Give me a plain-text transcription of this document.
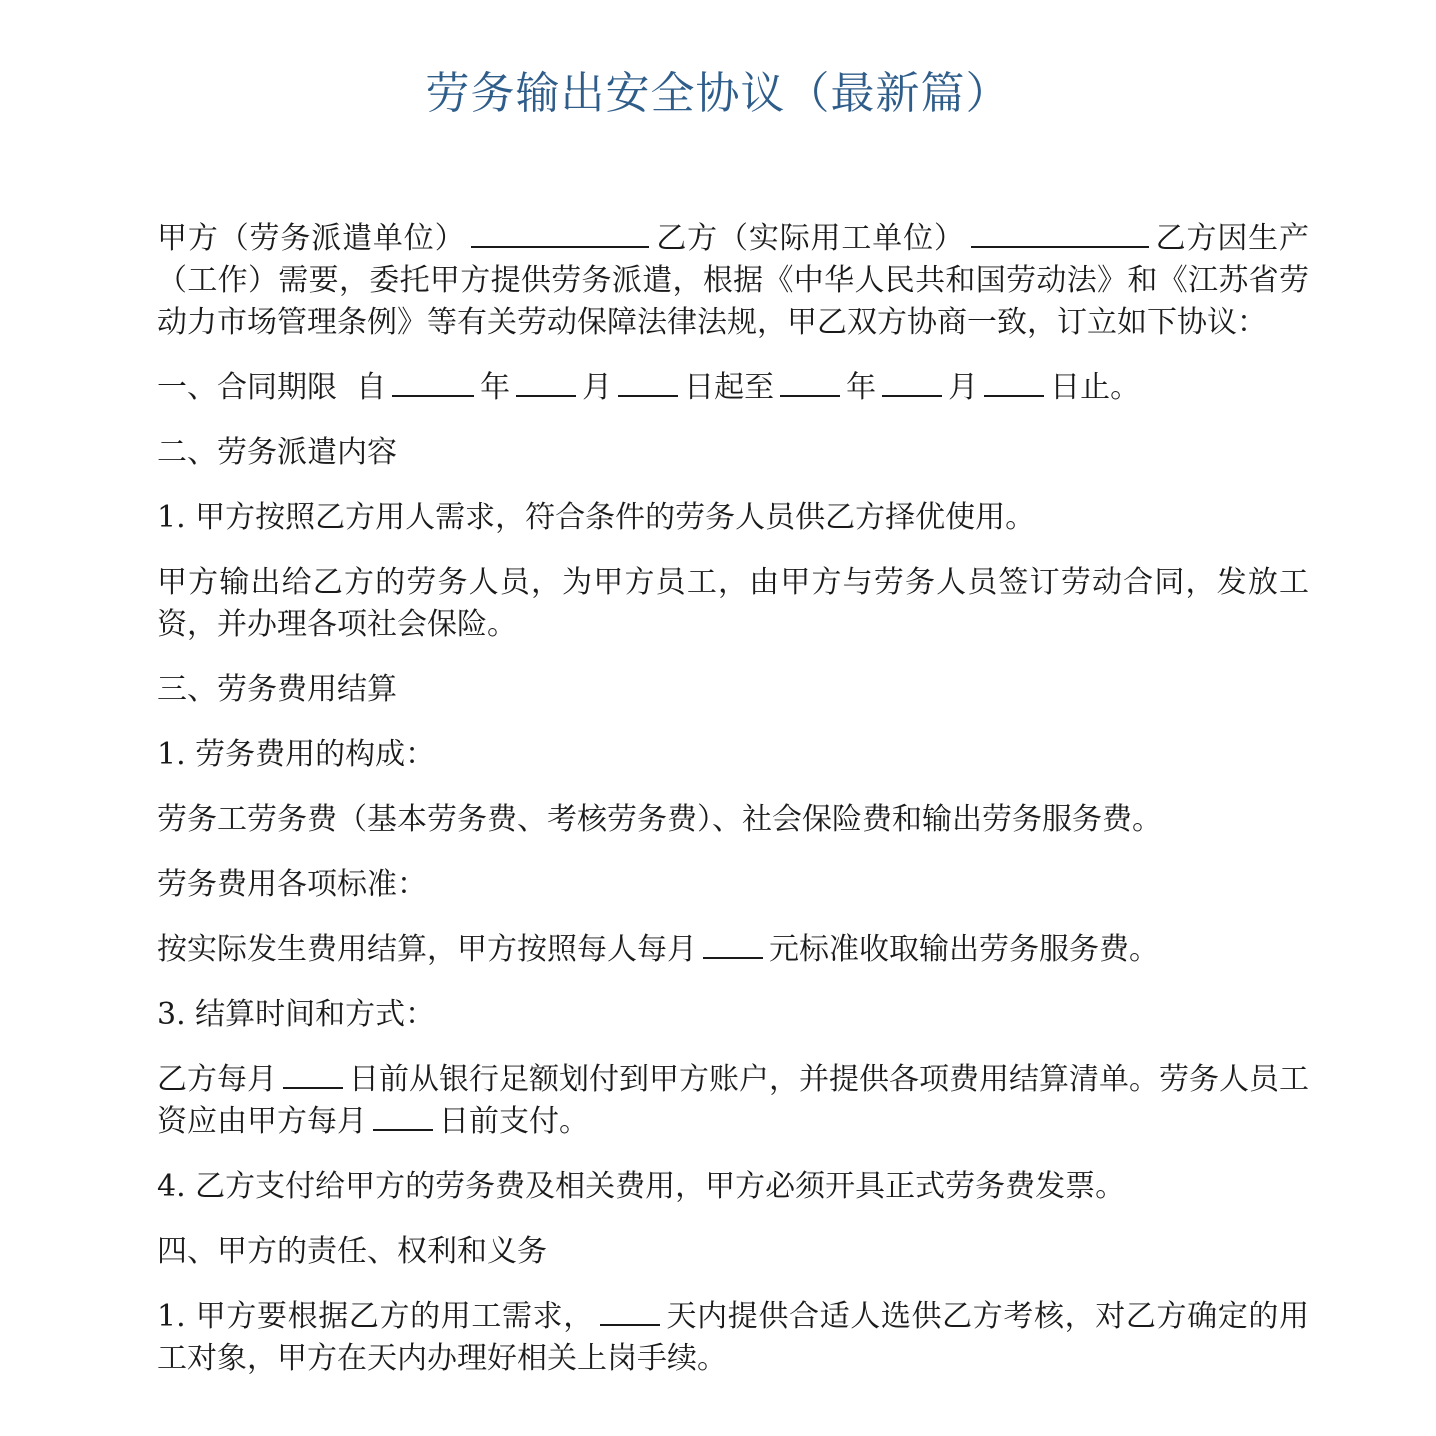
劳务输出安全协议（最新篇）

甲方（劳务派遣单位）	乙方（实际用工单位）	乙方因生产（工作）需要，委托甲方提供劳务派遣，根据《中华人民共和国劳动法》和《江苏省劳动力市场管理条例》等有关劳动保障法律法规，甲乙双方协商一致，订立如下协议：

一、合同期限 自	年 月 日起至 年 月 日止。

二、劳务派遣内容

1. 甲方按照乙方用人需求，符合条件的劳务人员供乙方择优使用。

甲方输出给乙方的劳务人员，为甲方员工，由甲方与劳务人员签订劳动合同，发放工资，并办理各项社会保险。

三、劳务费用结算

1. 劳务费用的构成：

劳务工劳务费（基本劳务费、考核劳务费）、社会保险费和输出劳务服务费。

劳务费用各项标准：

按实际发生费用结算，甲方按照每人每月 元标准收取输出劳务服务费。

3. 结算时间和方式：

乙方每月 日前从银行足额划付到甲方账户，并提供各项费用结算清单。劳务人员工资应由甲方每月 日前支付。

4. 乙方支付给甲方的劳务费及相关费用，甲方必须开具正式劳务费发票。

四、甲方的责任、权利和义务

1. 甲方要根据乙方的用工需求， 天内提供合适人选供乙方考核，对乙方确定的用工对象，甲方在天内办理好相关上岗手续。
